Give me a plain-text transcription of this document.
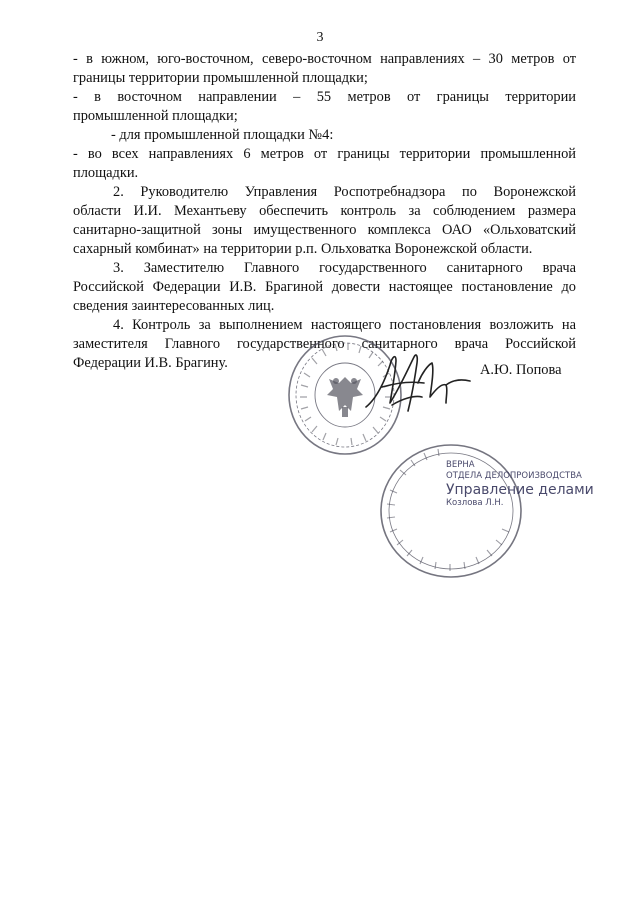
3
- в южном, юго-восточном, северо-восточном направлениях – 30 метров от
границы территории промышленной площадки;
- в восточном направлении – 55 метров от границы территории
промышленной площадки;
- для промышленной площадки №4:
- во всех направлениях 6 метров от границы территории промышленной
площадки.
2. Руководителю Управления Роспотребнадзора по Воронежской
области И.И. Механтьеву обеспечить контроль за соблюдением размера
санитарно-защитной зоны имущественного комплекса ОАО «Ольховатский
сахарный комбинат» на территории р.п. Ольховатка Воронежской области.
3. Заместителю Главного государственного санитарного врача
Российской Федерации И.В. Брагиной довести настоящее постановление до
сведения заинтересованных лиц.
4. Контроль за выполнением настоящего постановления возложить на
заместителя Главного государственного санитарного врача Российской
Федерации И.В. Брагину.	А.Ю. Попова
ВЕРНА
ОТДЕЛА ДЕЛОПРОИЗВОДСТВА
Управление делами
Козлова Л.Н.
